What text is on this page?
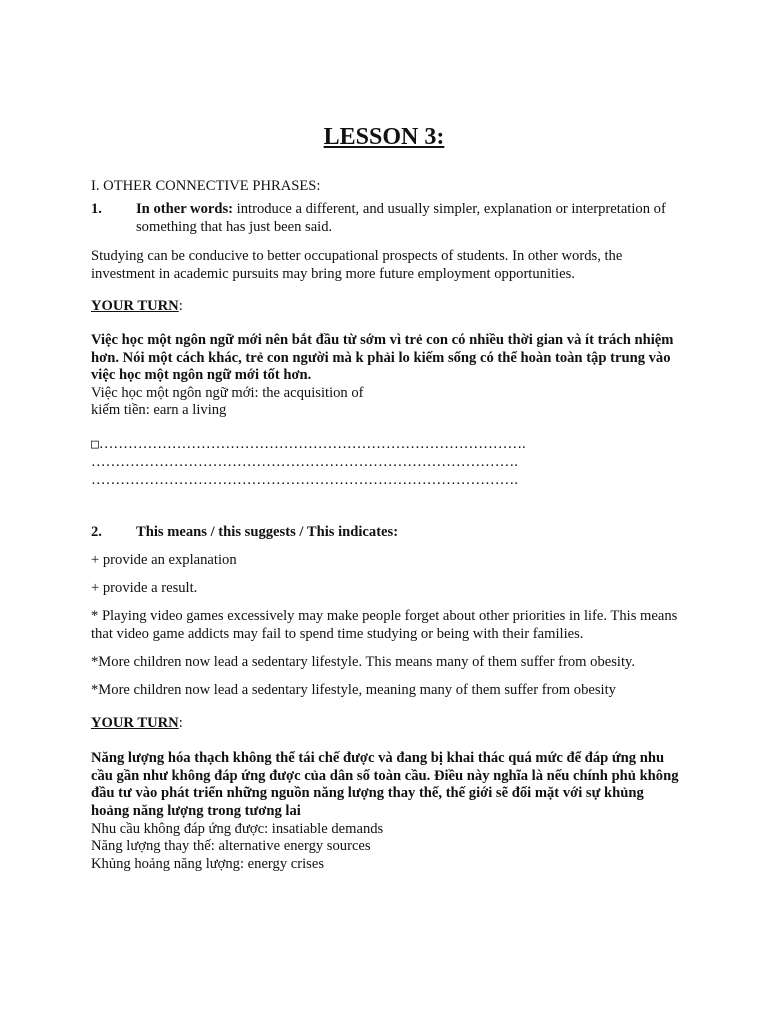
LESSON 3:
I. OTHER CONNECTIVE PHRASES:
1.	In other words: introduce a different, and usually simpler, explanation or interpretation of something that has just been said.
Studying can be conducive to better occupational prospects of students. In other words, the investment in academic pursuits may bring more future employment opportunities.
YOUR TURN:
Việc học một ngôn ngữ mới nên bắt đầu từ sớm vì trẻ con có nhiều thời gian và ít trách nhiệm hơn. Nói một cách khác, trẻ con người mà k phải lo kiếm sống có thể hoàn toàn tập trung vào việc học một ngôn ngữ mới tốt hơn.
Việc học một ngôn ngữ mới: the acquisition of
kiếm tiền: earn a living
□…………………………………………………………………………….
…………………………………………………………………………….
…………………………………………………………………………….
2.	This means / this suggests / This indicates:
+ provide an explanation
+ provide a result.
* Playing video games excessively may make people forget about other priorities in life. This means that video game addicts may fail to spend time studying or being with their families.
*More children now lead a sedentary lifestyle. This means many of them suffer from obesity.
*More children now lead a sedentary lifestyle, meaning many of them suffer from obesity
YOUR TURN:
Năng lượng hóa thạch không thể tái chế được và đang bị khai thác quá mức để đáp ứng nhu cầu gần như không đáp ứng được của dân số toàn cầu. Điều này nghĩa là nếu chính phủ không đầu tư vào phát triển những nguồn năng lượng thay thế, thế giới sẽ đối mặt với sự khủng hoảng năng lượng trong tương lai
Nhu cầu không đáp ứng được: insatiable demands
Năng lượng thay thế: alternative energy sources
Khủng hoảng năng lượng: energy crises
